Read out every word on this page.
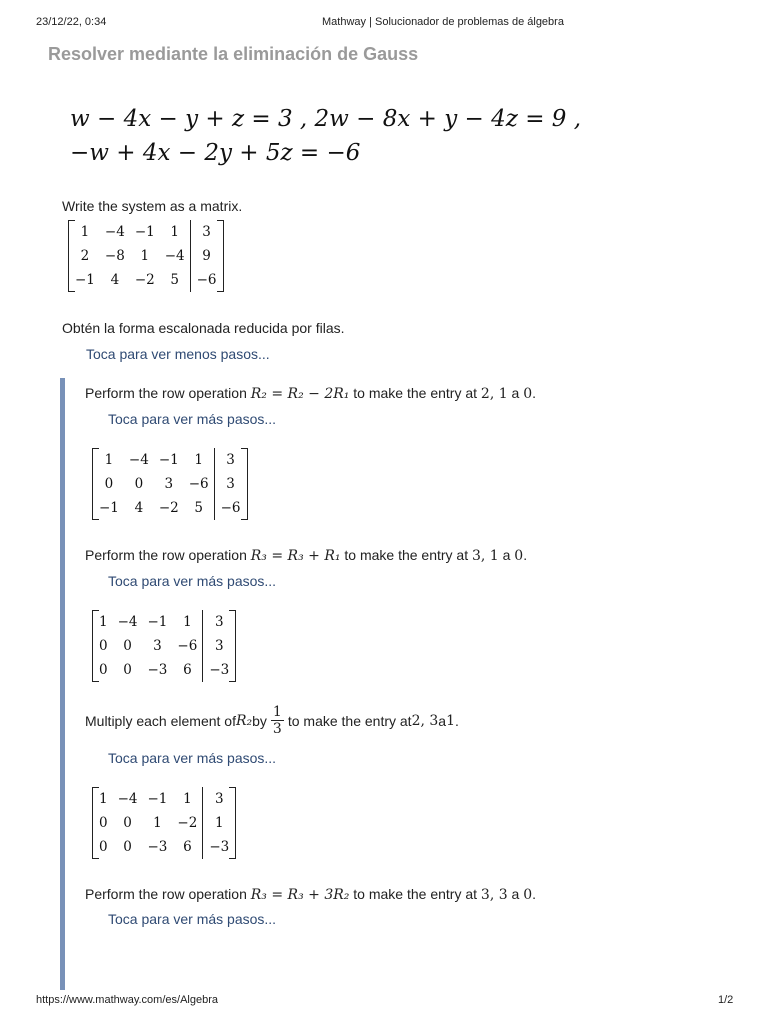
23/12/22, 0:34	Mathway | Solucionador de problemas de álgebra
https://www.mathway.com/es/Algebra	1/2
Resolver mediante la eliminación de Gauss
w − 4x − y + z = 3 , 2w − 8x + y − 4z = 9 ,
−w + 4x − 2y + 5z = −6
Write the system as a matrix.
1	−4	−1	1	3
2	−8	1	−4	9
−1	4	−2	5	−6
Obtén la forma escalonada reducida por filas.
Toca para ver menos pasos...
Perform the row operation R₂ = R₂ − 2R₁ to make the entry at 2, 1 a 0.
Toca para ver más pasos...
1	−4	−1	1	3
0	0	3	−6	3
−1	4	−2	5	−6
Perform the row operation R₃ = R₃ + R₁ to make the entry at 3, 1 a 0.
Toca para ver más pasos...
1	−4	−1	1	3
0	0	3	−6	3
0	0	−3	6	−3
Multiply each element of R₂ by $\frac{1}{3}$ to make the entry at 2, 3 a 1 .
Toca para ver más pasos...
1	−4	−1	1	3
0	0	1	−2	1
0	0	−3	6	−3
Perform the row operation R₃ = R₃ + 3R₂ to make the entry at 3, 3 a 0.
Toca para ver más pasos...
